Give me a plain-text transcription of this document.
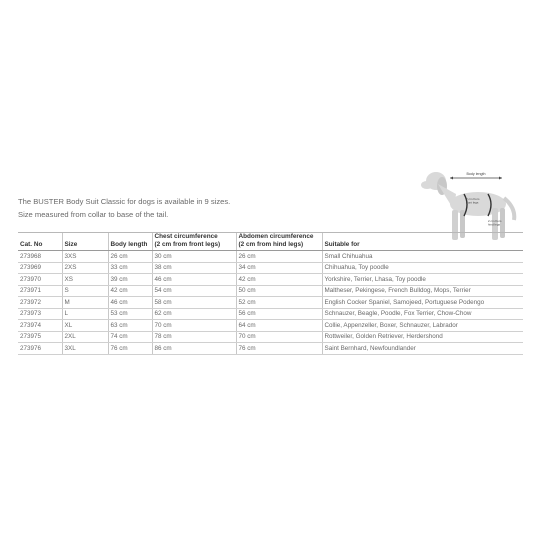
The BUSTER Body Suit Classic for dogs is available in 9 sizes.
Size measured from collar to base of the tail.
Body length
2 cm from
front legs
2 cm from
hind legs
Cat. No	Size	Body length	Chest circumference
(2 cm from front legs)	Abdomen circumference
(2 cm from hind legs)	Suitable for
273968	3XS	26 cm	30 cm	26 cm	Small Chihuahua
273969	2XS	33 cm	38 cm	34 cm	Chihuahua, Toy poodle
273970	XS	39 cm	46 cm	42 cm	Yorkshire, Terrier, Lhasa, Toy poodle
273971	S	42 cm	54 cm	50 cm	Maltheser, Pekingese, French Bulldog, Mops, Terrier
273972	M	46 cm	58 cm	52 cm	English Cocker Spaniel, Samojeed, Portuguese Podengo
273973	L	53 cm	62 cm	56 cm	Schnauzer, Beagle, Poodle, Fox Terrier, Chow-Chow
273974	XL	63 cm	70 cm	64 cm	Collie, Appenzeller, Boxer, Schnauzer, Labrador
273975	2XL	74 cm	78 cm	70 cm	Rottweiler, Golden Retriever, Herdershond
273976	3XL	76 cm	86 cm	76 cm	Saint Bernhard, Newfoundlander
